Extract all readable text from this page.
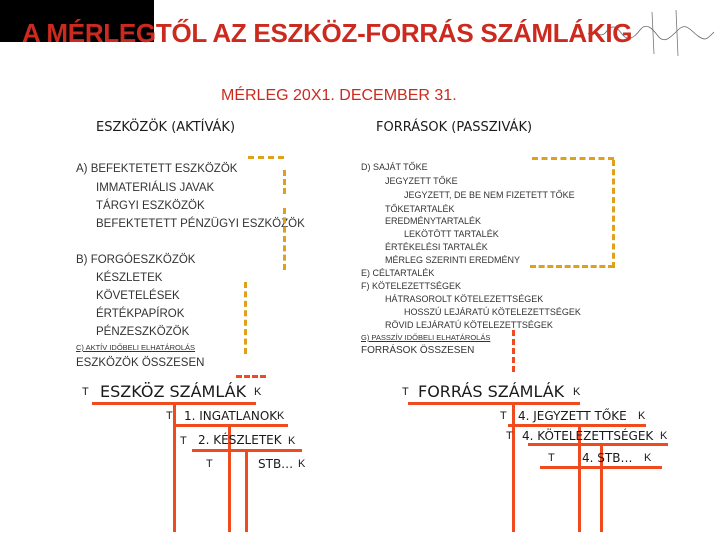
A MÉRLEGTŐL AZ ESZKÖZ-FORRÁS SZÁMLÁKIG
MÉRLEG 20X1. DECEMBER 31.
ESZKÖZÖK (AKTÍVÁK)	FORRÁSOK (PASSZIVÁK)
A) BEFEKTETETT ESZKÖZÖK
IMMATERIÁLIS JAVAK
TÁRGYI ESZKÖZÖK
BEFEKTETETT PÉNZÜGYI ESZKÖZÖK
B) FORGÓESZKÖZÖK
KÉSZLETEK
KÖVETELÉSEK
ÉRTÉKPAPÍROK
PÉNZESZKÖZÖK
C) AKTÍV IDŐBELI ELHATÁROLÁS
ESZKÖZÖK ÖSSZESEN
D) SAJÁT TŐKE
JEGYZETT TŐKE
JEGYZETT, DE BE NEM FIZETETT TŐKE
TŐKETARTALÉK
EREDMÉNYTARTALÉK
LEKÖTÖTT TARTALÉK
ÉRTÉKELÉSI TARTALÉK
MÉRLEG SZERINTI EREDMÉNY
E) CÉLTARTALÉK
F) KÖTELEZETTSÉGEK
HÁTRASOROLT KÖTELEZETTSÉGEK
HOSSZÚ LEJÁRATÚ KÖTELEZETTSÉGEK
RÖVID LEJÁRATÚ KÖTELEZETTSÉGEK
G) PASSZÍV IDŐBELI ELHATÁROLÁS
FORRÁSOK ÖSSZESEN
T ESZKÖZ SZÁMLÁK K
T 1. INGATLANOK K
T 2. KÉSZLETEK K
T	STB… K
T FORRÁS SZÁMLÁK K
T 4. JEGYZETT TŐKE K
T 4. KÖTELEZETTSÉGEK K
T 4. STB… K
